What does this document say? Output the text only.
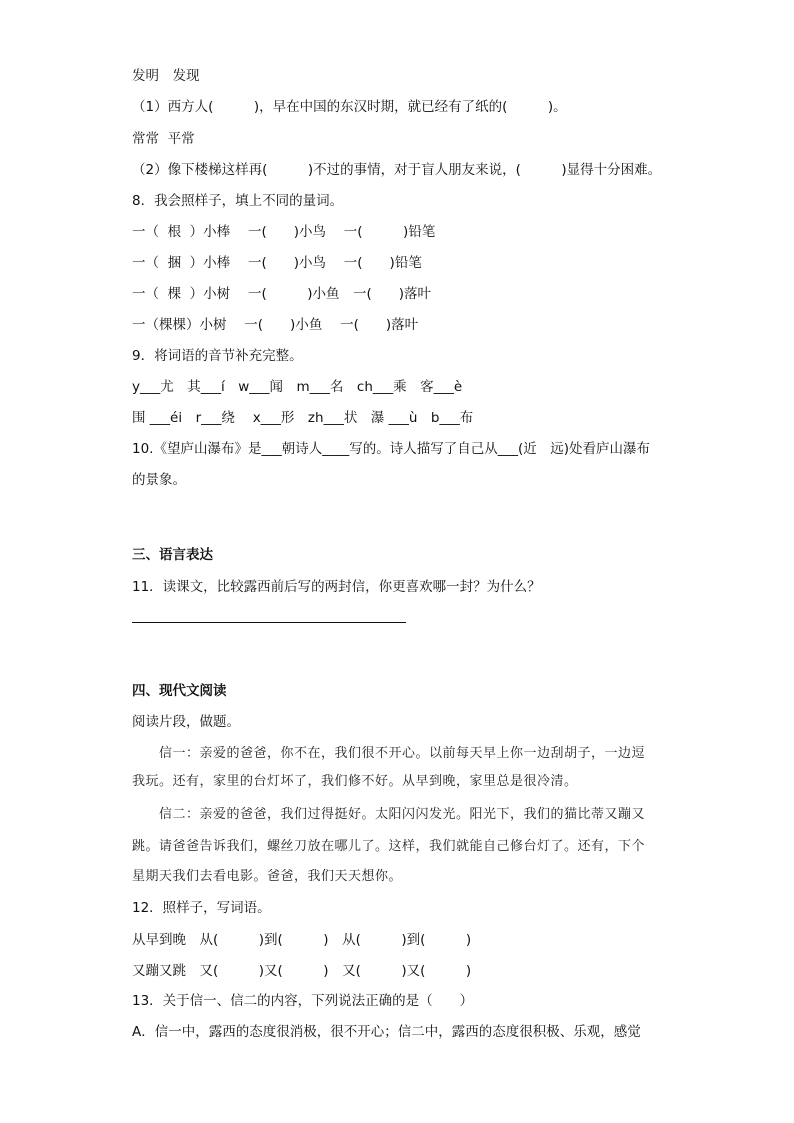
发明　发现
（1）西方人(　　　)，早在中国的东汉时期，就已经有了纸的(　　　)。
常常  平常
（2）像下楼梯这样再(　　　)不过的事情，对于盲人朋友来说，(　　　)显得十分困难。
8．我会照样子，填上不同的量词。
一（  根  ）小棒　 一(　　)小鸟　 一(　　　)铅笔
一（  捆  ）小棒　 一(　　)小鸟　 一(　　)铅笔
一（  棵  ）小树　 一(　　　)小鱼　一(　　)落叶
一（棵棵）小树　 一(　　)小鱼　 一(　　)落叶
9．将词语的音节补充完整。
y___尤　其___í　w___闻　m___名　ch___乘　客___è
围 ___éi　r___绕　 x___形　zh___状　瀑 ___ù　b___布
10.《望庐山瀑布》是___朝诗人____写的。诗人描写了自己从___(近　远)处看庐山瀑布
的景象。
三、语言表达
11．读课文，比较露西前后写的两封信，你更喜欢哪一封？为什么？
四、现代文阅读
阅读片段，做题。
　　信一：亲爱的爸爸，你不在，我们很不开心。以前每天早上你一边刮胡子，一边逗
我玩。还有，家里的台灯坏了，我们修不好。从早到晚，家里总是很冷清。
　　信二：亲爱的爸爸，我们过得挺好。太阳闪闪发光。阳光下，我们的猫比蒂又蹦又
跳。请爸爸告诉我们，螺丝刀放在哪儿了。这样，我们就能自己修台灯了。还有，下个
星期天我们去看电影。爸爸，我们天天想你。
12．照样子，写词语。
从早到晚　从(　　　)到(　　　)　从(　　　)到(　　　)
又蹦又跳　又(　　　)又(　　　)　又(　　　)又(　　　)
13．关于信一、信二的内容，下列说法正确的是（　　）
A．信一中，露西的态度很消极，很不开心；信二中，露西的态度很积极、乐观，感觉
